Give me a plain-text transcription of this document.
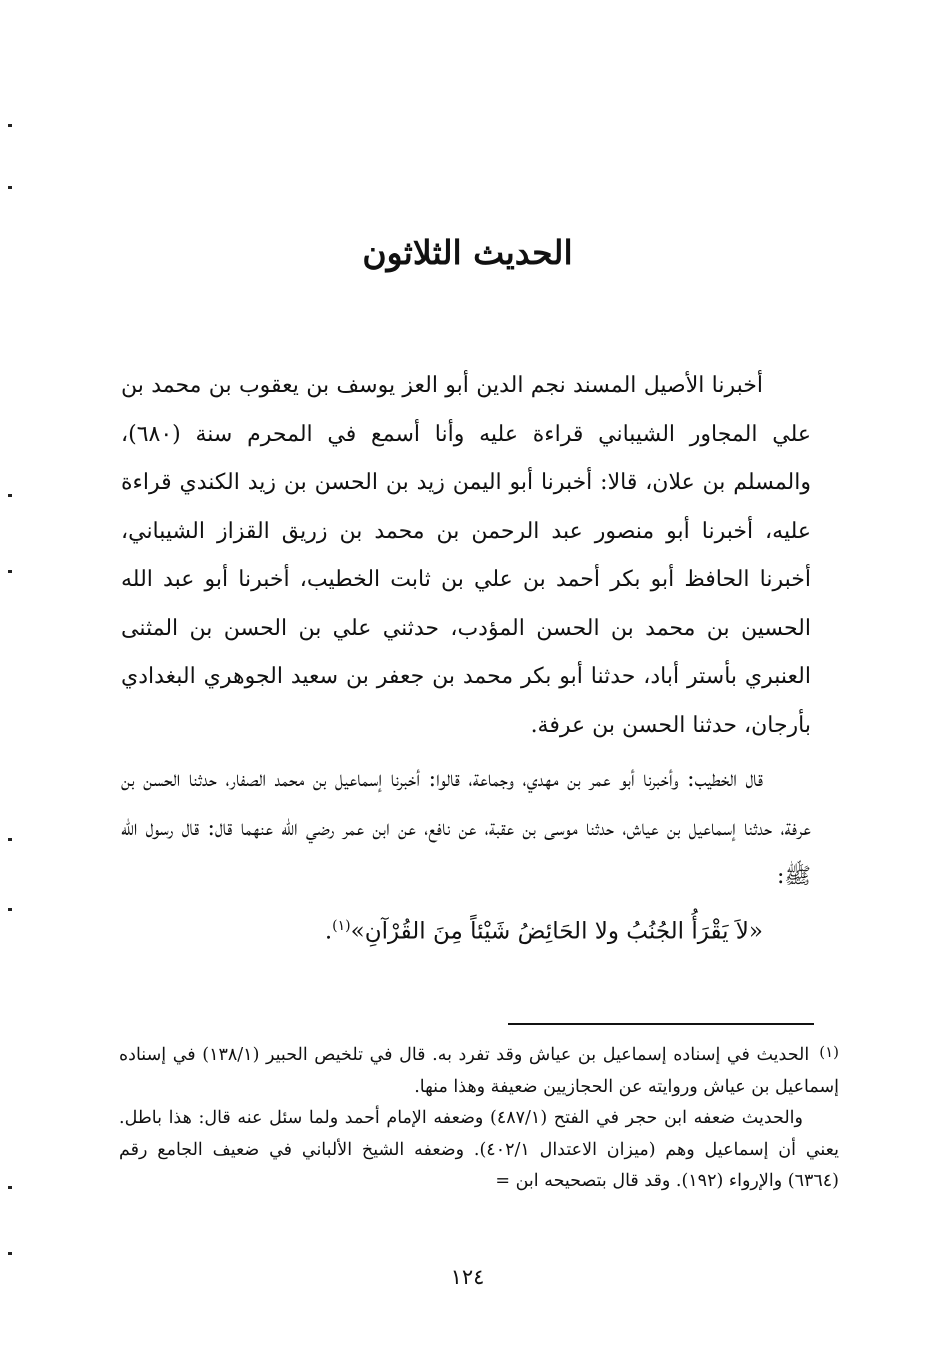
الحديث الثلاثون

أخبرنا الأصيل المسند نجم الدين أبو العز يوسف بن يعقوب بن محمد بن علي المجاور الشيباني قراءة عليه وأنا أسمع في المحرم سنة (٦٨٠)، والمسلم بن علان، قالا: أخبرنا أبو اليمن زيد بن الحسن بن زيد الكندي قراءة عليه، أخبرنا أبو منصور عبد الرحمن بن محمد بن زريق القزاز الشيباني، أخبرنا الحافظ أبو بكر أحمد بن علي بن ثابت الخطيب، أخبرنا أبو عبد الله الحسين بن محمد بن الحسن المؤدب، حدثني علي بن الحسن بن المثنى العنبري بأستر أباد، حدثنا أبو بكر محمد بن جعفر بن سعيد الجوهري البغدادي بأرجان، حدثنا الحسن بن عرفة.

قال الخطيب: وأخبرنا أبو عمر بن مهدي، وجماعة، قالوا: أخبرنا إسماعيل بن محمد الصفار، حدثنا الحسن بن عرفة، حدثنا إسماعيل بن عياش، حدثنا موسى بن عقبة، عن نافع، عن ابن عمر رضي الله عنهما قال: قال رسول الله ﷺ:

«لاَ يَقْرَأُ الجُنُبُ ولا الحَائِضُ شَيْئاً مِنَ القُرْآنِ»$^{(١)}$.

(١)الحديث في إسناده إسماعيل بن عياش وقد تفرد به. قال في تلخيص الحبير (١٣٨/١) في إسناده إسماعيل بن عياش وروايته عن الحجازيين ضعيفة وهذا منها.

والحديث ضعفه ابن حجر في الفتح (٤٨٧/١) وضعفه الإمام أحمد ولما سئل عنه قال: هذا باطل. يعني أن إسماعيل وهم (ميزان الاعتدال ٤٠٢/١). وضعفه الشيخ الألباني في ضعيف الجامع رقم (٦٣٦٤) والإرواء (١٩٢). وقد قال بتصحيحه ابن =

١٢٤
